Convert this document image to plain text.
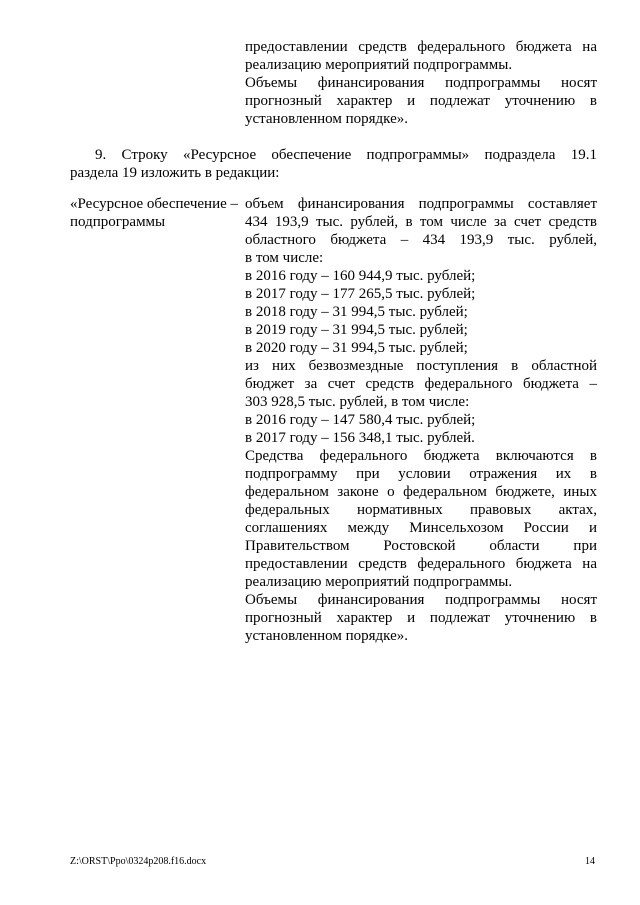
предоставлении средств федерального бюджета на
реализацию мероприятий подпрограммы.
Объемы финансирования подпрограммы носят
прогнозный характер и подлежат уточнению в
установленном порядке».
9. Строку «Ресурсное обеспечение подпрограммы» подраздела 19.1
раздела 19 изложить в редакции:
«Ресурсное обеспечение –
подпрограммы
объем финансирования подпрограммы составляет
434 193,9 тыс. рублей, в том числе за счет средств
областного бюджета – 434 193,9 тыс. рублей,
в том числе:
в 2016 году – 160 944,9 тыс. рублей;
в 2017 году – 177 265,5 тыс. рублей;
в 2018 году – 31 994,5 тыс. рублей;
в 2019 году – 31 994,5 тыс. рублей;
в 2020 году – 31 994,5 тыс. рублей;
из них безвозмездные поступления в областной
бюджет за счет средств федерального бюджета –
303 928,5 тыс. рублей, в том числе:
в 2016 году – 147 580,4 тыс. рублей;
в 2017 году – 156 348,1 тыс. рублей.
Средства федерального бюджета включаются в
подпрограмму при условии отражения их в
федеральном законе о федеральном бюджете, иных
федеральных нормативных правовых актах,
соглашениях между Минсельхозом России и
Правительством Ростовской области при
предоставлении средств федерального бюджета на
реализацию мероприятий подпрограммы.
Объемы финансирования подпрограммы носят
прогнозный характер и подлежат уточнению в
установленном порядке».
Z:\ORST\Ppo\0324p208.f16.docx	14
